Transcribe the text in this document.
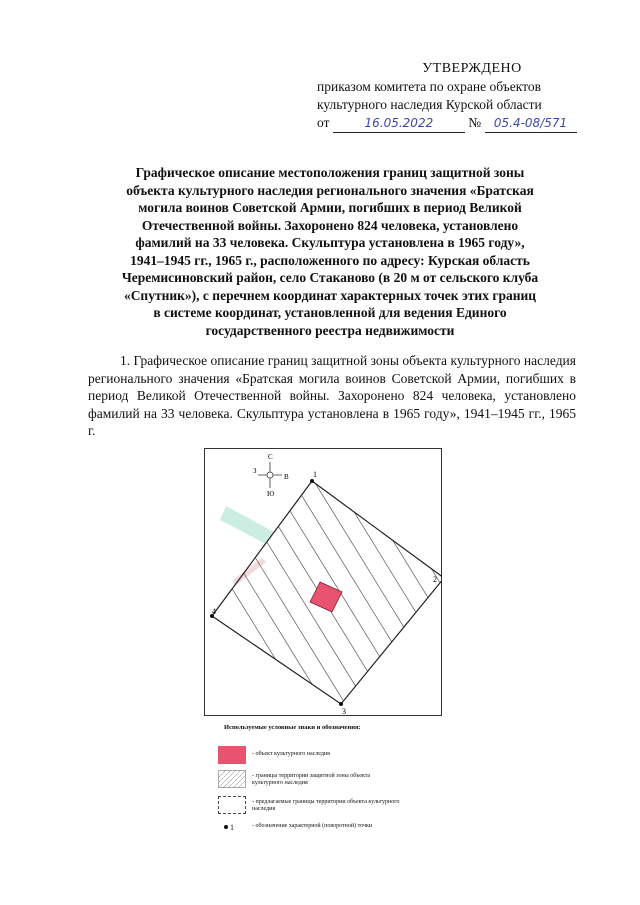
УТВЕРЖДЕНО
приказом комитета по охране объектов
культурного наследия Курской области
от	16.05.2022	№ 05.4-08/571
Графическое описание местоположения границ защитной зоны
объекта культурного наследия регионального значения «Братская
могила воинов Советской Армии, погибших в период Великой
Отечественной войны. Захоронено 824 человека, установлено
фамилий на 33 человека. Скульптура установлена в 1965 году»,
1941–1945 гг., 1965 г., расположенного по адресу: Курская область
Черемисиновский район, село Стаканово (в 20 м от сельского клуба
«Спутник»), с перечнем координат характерных точек этих границ
в системе координат, установленной для ведения Единого
государственного реестра недвижимости
1. Графическое описание границ защитной зоны объекта культурного наследия регионального значения «Братская могила воинов Советской Армии, погибших в период Великой Отечественной войны. Захоронено 824 человека, установлено фамилий на 33 человека. Скульптура установлена в 1965 году», 1941–1945 гг., 1965 г.
1
2
3
4
С
Ю
З
В
Используемые условные знаки и обозначения:
- объект культурного наследия
- границы территории защитной зоны объекта культурного наследия
- предлагаемые границы территории объекта культурного наследия
1	- обозначение характерной (поворотной) точки
